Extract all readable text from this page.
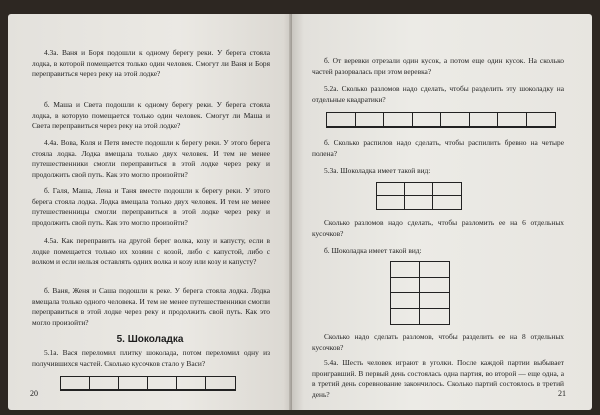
4.3а. Ваня и Боря подошли к одному берегу реки. У берега стояла лодка, в которой помещается только один человек. Смогут ли Ваня и Боря переправиться через реку на этой лодке?

б. Маша и Света подошли к одному берегу реки. У берега стояла лодка, в которую помещается только один человек. Смогут ли Маша и Света переправиться через реку на этой лодке?

4.4а. Вова, Коля и Петя вместе подошли к берегу реки. У этого берега стояла лодка. Лодка вмещала только двух человек. И тем не менее путешественники смогли переправиться в этой лодке через реку и продолжить свой путь. Как это могло произойти?

б. Галя, Маша, Лена и Таня вместе подошли к берегу реки. У этого берега стояла лодка. Лодка вмещала только двух человек. И тем не менее путешественницы смогли переправиться в этой лодке через реку и продолжить свой путь. Как это могло произойти?

4.5а. Как переправить на другой берег волка, козу и капусту, если в лодке помещается только их хозяин с козой, либо с капустой, либо с волком и если нельзя оставлять одних волка и козу или козу и капусту?

б. Ваня, Женя и Саша подошли к реке. У берега стояла лодка. Лодка вмещала только одного человека. И тем не менее путешественники смогли переправиться в этой лодке через реку и продолжить свой путь. Как это могло произойти?

5. Шоколадка

5.1а. Вася переломил плитку шоколада, потом переломил одну из получившихся частей. Сколько кусочков стало у Васи?

20

б. От веревки отрезали один кусок, а потом еще один кусок. На сколько частей разорвалась при этом веревка?

5.2а. Сколько разломов надо сделать, чтобы разделить эту шоколадку на отдельные квадратики?

б. Сколько распилов надо сделать, чтобы распилить бревно на четыре полена?

5.3а. Шоколадка имеет такой вид:

Сколько разломов надо сделать, чтобы разломить ее на 6 отдельных кусочков?

б. Шоколадка имеет такой вид:

Сколько надо сделать разломов, чтобы разделить ее на 8 отдельных кусочков?

5.4а. Шесть человек играют в уголки. После каждой партии выбывает проигравший. В первый день состоялась одна партия, во второй — еще одна, а в третий день соревнование закончилось. Сколько партий состоялось в третий день?	21
